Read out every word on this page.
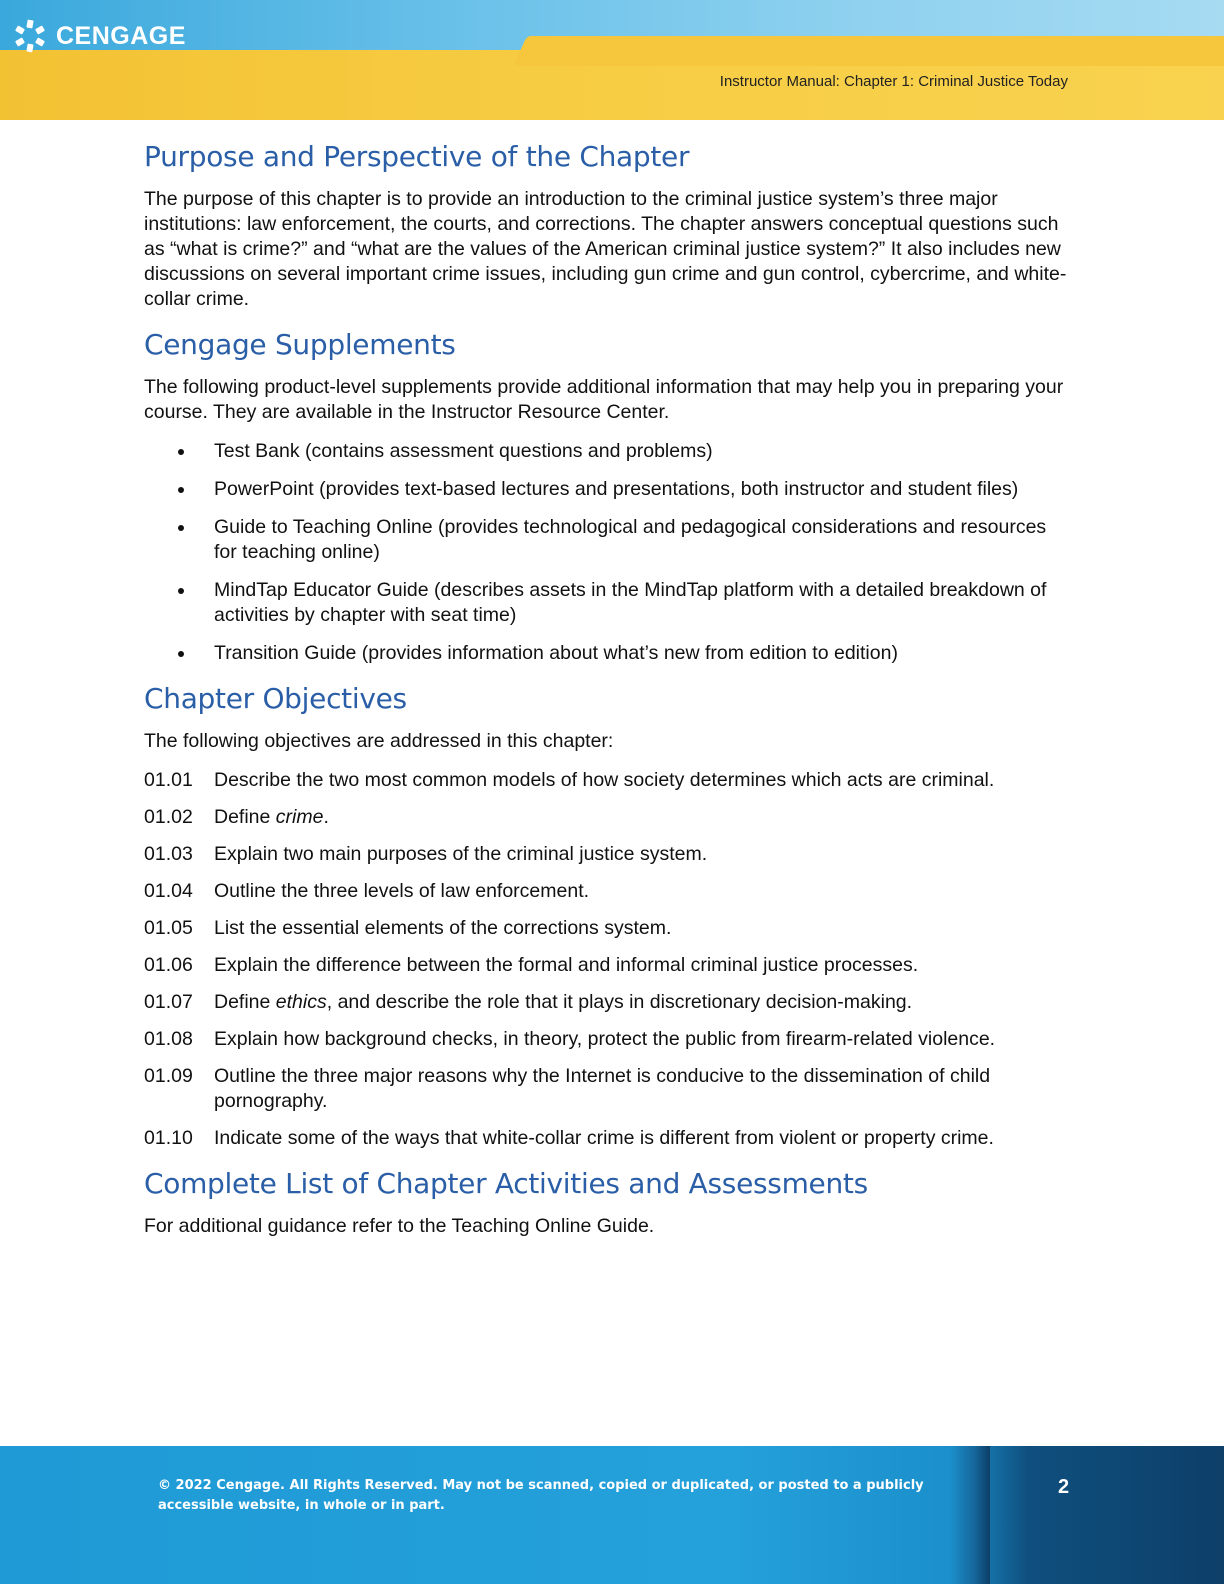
CENGAGE
Instructor Manual: Chapter 1: Criminal Justice Today
Purpose and Perspective of the Chapter

The purpose of this chapter is to provide an introduction to the criminal justice system’s three major institutions: law enforcement, the courts, and corrections. The chapter answers conceptual questions such as “what is crime?” and “what are the values of the American criminal justice system?” It also includes new discussions on several important crime issues, including gun crime and gun control, cybercrime, and white-collar crime.

Cengage Supplements

The following product-level supplements provide additional information that may help you in preparing your course. They are available in the Instructor Resource Center.

Test Bank (contains assessment questions and problems)
PowerPoint (provides text-based lectures and presentations, both instructor and student files)
Guide to Teaching Online (provides technological and pedagogical considerations and resources for teaching online)
MindTap Educator Guide (describes assets in the MindTap platform with a detailed breakdown of activities by chapter with seat time)
Transition Guide (provides information about what’s new from edition to edition)
Chapter Objectives

The following objectives are addressed in this chapter:

01.01 Describe the two most common models of how society determines which acts are criminal.
01.02 Define crime.
01.03 Explain two main purposes of the criminal justice system.
01.04 Outline the three levels of law enforcement.
01.05 List the essential elements of the corrections system.
01.06 Explain the difference between the formal and informal criminal justice processes.
01.07 Define ethics, and describe the role that it plays in discretionary decision-making.
01.08 Explain how background checks, in theory, protect the public from firearm-related violence.
01.09 Outline the three major reasons why the Internet is conducive to the dissemination of child pornography.
01.10 Indicate some of the ways that white-collar crime is different from violent or property crime.
Complete List of Chapter Activities and Assessments

For additional guidance refer to the Teaching Online Guide.

© 2022 Cengage. All Rights Reserved. May not be scanned, copied or duplicated, or posted to a publicly accessible website, in whole or in part.
2
